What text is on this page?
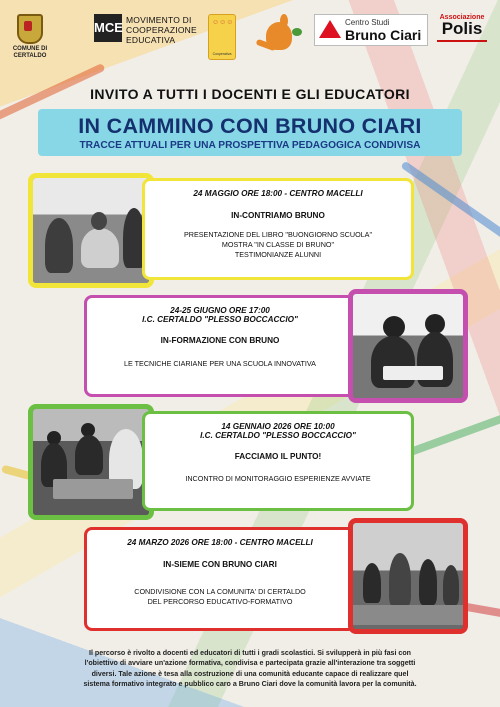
COMUNE DI CERTALDO
MCE MOVIMENTO DI
COOPERAZIONE
EDUCATIVA
☺☺☺
Cooperativa
Centro Studi
Bruno Ciari
Associazione
Polis
INVITO A TUTTI I DOCENTI E GLI EDUCATORI
IN CAMMINO CON BRUNO CIARI
TRACCE ATTUALI PER UNA PROSPETTIVA PEDAGOGICA CONDIVISA
24 MAGGIO ORE 18:00 - CENTRO MACELLI
IN-CONTRIAMO BRUNO
PRESENTAZIONE DEL LIBRO "BUONGIORNO SCUOLA"
MOSTRA "IN CLASSE DI BRUNO"
TESTIMONIANZE ALUNNI
24-25 GIUGNO ORE 17:00
I.C. CERTALDO "PLESSO BOCCACCIO"
IN-FORMAZIONE CON BRUNO
LE TECNICHE CIARIANE PER UNA SCUOLA INNOVATIVA
14 GENNAIO 2026 ORE 10:00
I.C. CERTALDO "PLESSO BOCCACCIO"
FACCIAMO IL PUNTO!
INCONTRO DI MONITORAGGIO ESPERIENZE AVVIATE
24 MARZO 2026 ORE 18:00 - CENTRO MACELLI
IN-SIEME CON BRUNO CIARI
CONDIVISIONE CON LA COMUNITA' DI CERTALDO
DEL PERCORSO EDUCATIVO-FORMATIVO
Il percorso è rivolto a docenti ed educatori di tutti i gradi scolastici. Si svilupperà in più fasi con
l'obiettivo di avviare un'azione formativa, condivisa e partecipata grazie all'interazione tra soggetti
diversi. Tale azione è tesa alla costruzione di una comunità educante capace di realizzare quel
sistema formativo integrato e pubblico caro a Bruno Ciari dove la comunità lavora per la comunità.
